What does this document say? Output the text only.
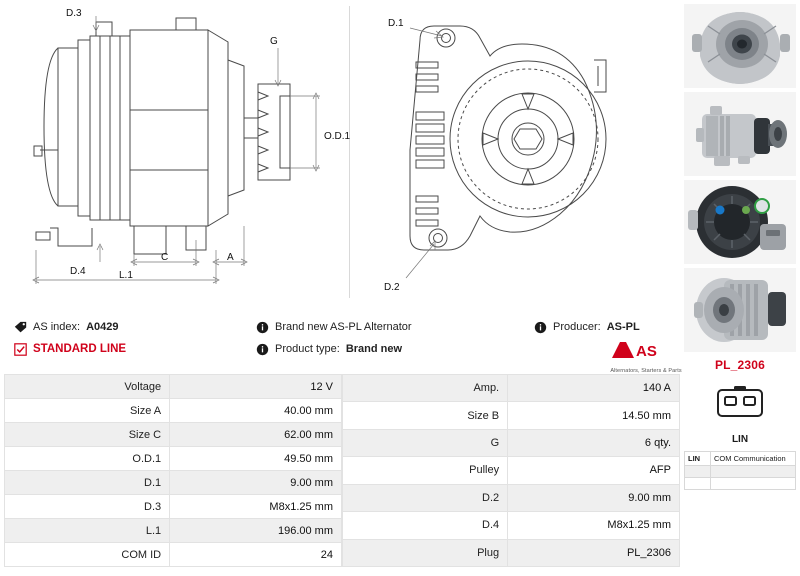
D.3
G
O.D.1
D.4
C	A
L.1
D.1
D.2
AS index: A0429
STANDARD LINE
Brand new AS-PL Alternator
Product type: Brand new
Producer: AS-PL
AS
Alternators, Starters & Parts
Voltage	12 V
Size A	40.00 mm
Size C	62.00 mm
O.D.1	49.50 mm
D.1	9.00 mm
D.3	M8x1.25 mm
L.1	196.00 mm
COM ID	24
Amp.	140 A
Size B	14.50 mm
G	6 qty.
Pulley	AFP
D.2	9.00 mm
D.4	M8x1.25 mm
Plug	PL_2306
PL_2306
LIN
LIN	COM Communication
